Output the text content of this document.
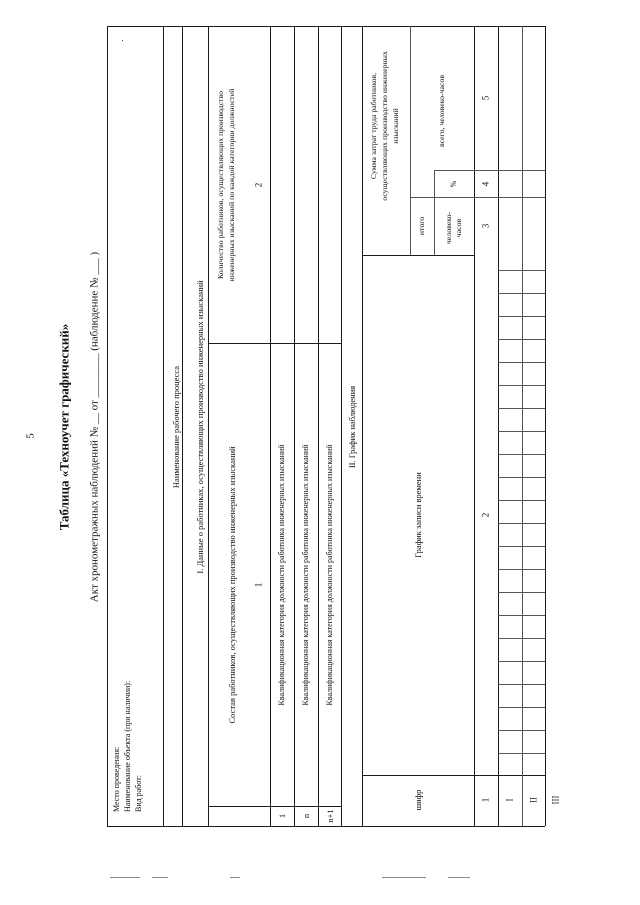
5 Таблица «Техноучет графический» Акт хронометражных наблюдений № __ от ________ (наблюдение № ___ )
Место проведения: Наименование объекта (при наличии): Вид работ:
Наименование рабочего процесса I. Данные о работниках, осуществляющих производство инженерных изысканий
Состав работников, осуществляющих производство инженерных изысканий
Количество работников, осуществляющих производство инженерных изысканий по каждой категории должностей
1
2
1
Квалификационная категория должности работника инженерных изысканий
n
Квалификационная категория должности работника инженерных изысканий
n+1
Квалификационная категория должности работника инженерных изысканий
II. График наблюдения
шифр
График записи времени
Сумма затрат труда работников, осуществляющих производство инженерных изысканий
итого
всего, человеко-часов
человеко- часов
%
1
2
3
4
5
I II III
